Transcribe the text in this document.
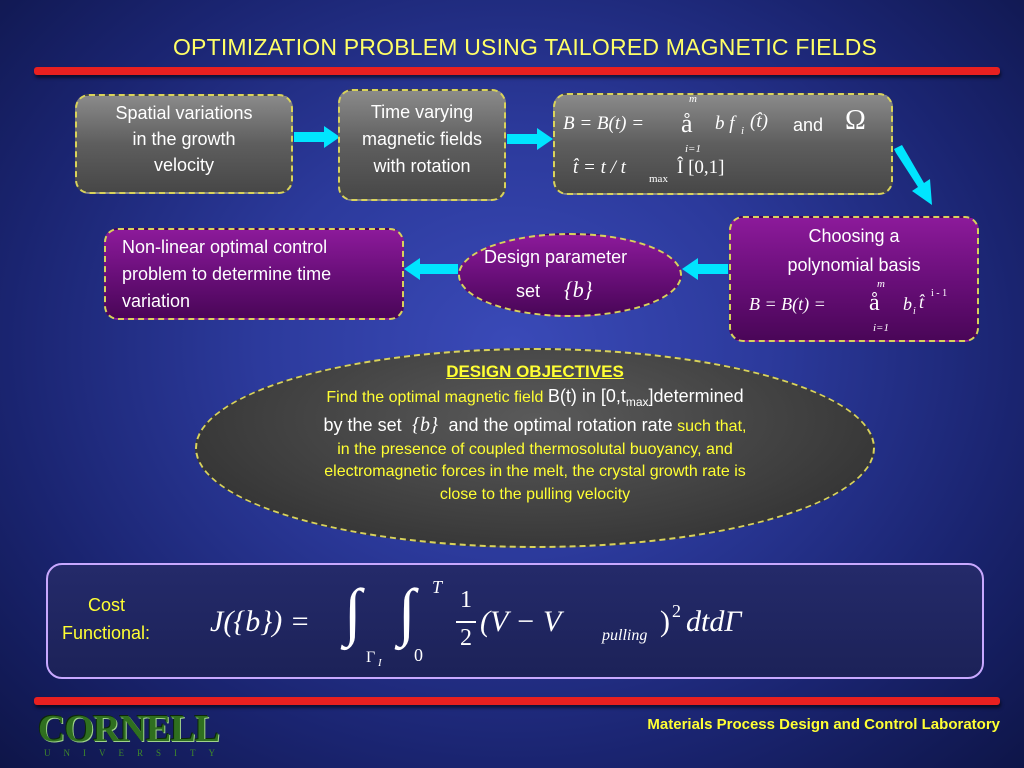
OPTIMIZATION PROBLEM USING TAILORED MAGNETIC FIELDS
Spatial variations
in the growth
velocity
Time varying
magnetic fields
with rotation
B = B(t) =
m
å b f i (t̂) and Ω
i=1
t̂ = t / t
max
Î [0,1]
Choosing a
polynomial basis
B = B(t) =
m
å b i t̂ i - 1
i=1
Design parameter
set {b}
Non-linear optimal control
problem to determine time
variation
DESIGN OBJECTIVES
Find the optimal magnetic field B(t) in $[0,t_{max}]determined$
by the set {b} and the optimal rotation rate such that,
in the presence of coupled thermosolutal buoyancy, and
electromagnetic forces in the melt, the crystal growth rate is
close to the pulling velocity
Cost
Functional: J({b}) = ∫
Γ I
∫ T
0
1
2 (V − V	pulling ) 2 dtdΓ
CORNELL
UNIVERSITY
Materials Process Design and Control Laboratory
